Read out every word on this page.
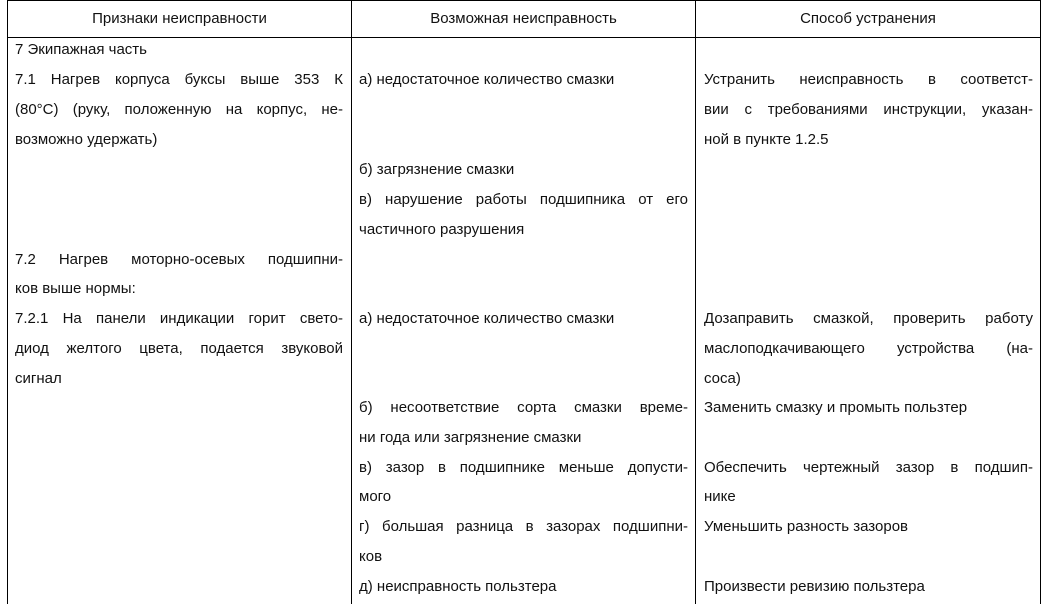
Признаки неисправности	Возможная неисправность	Способ устранения
7 Экипажная часть
7.1 Нагрев корпуса буксы выше 353 К
(80°С) (руку, положенную на корпус, не-
возможно удержать)
7.2 Нагрев моторно-осевых подшипни-
ков выше нормы:
7.2.1 На панели индикации горит свето-
диод желтого цвета, подается звуковой
сигнал
а) недостаточное количество смазки
б) загрязнение смазки
в) нарушение работы подшипника от его
частичного разрушения
а) недостаточное количество смазки
б) несоответствие сорта смазки време-
ни года или загрязнение смазки
в) зазор в подшипнике меньше допусти-
мого
г) большая разница в зазорах подшипни-
ков
д) неисправность пользтера
Устранить неисправность в соответст-
вии с требованиями инструкции, указан-
ной в пункте 1.2.5
Дозаправить смазкой, проверить работу
маслоподкачивающего устройства (на-
соса)
Заменить смазку и промыть пользтер
Обеспечить чертежный зазор в подшип-
нике
Уменьшить разность зазоров
Произвести ревизию пользтера
